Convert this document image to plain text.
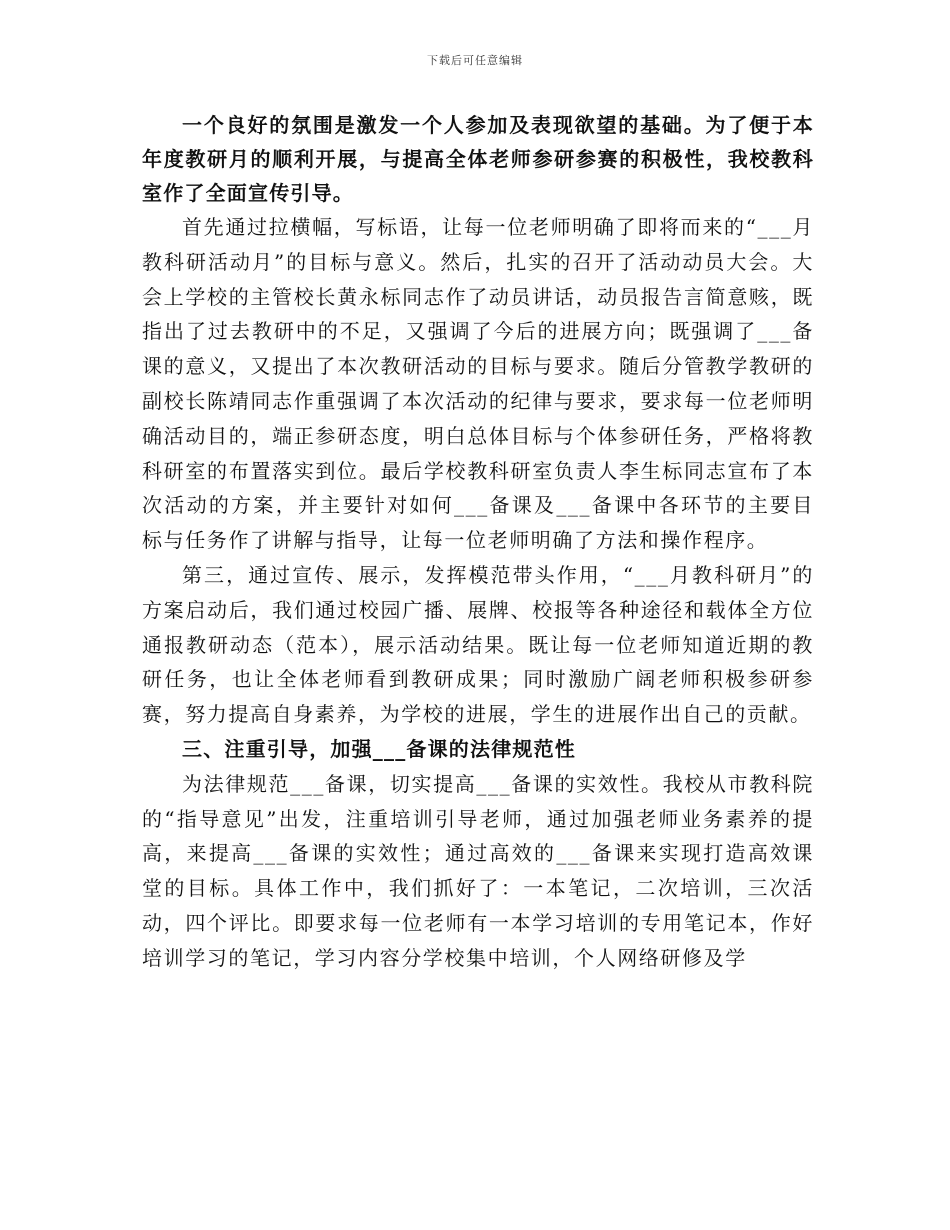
下载后可任意编辑

一个良好的氛围是激发一个人参加及表现欲望的基础。为了便于本年度教研月的顺利开展，与提高全体老师参研参赛的积极性，我校教科室作了全面宣传引导。

首先通过拉横幅，写标语，让每一位老师明确了即将而来的“___月教科研活动月”的目标与意义。然后，扎实的召开了活动动员大会。大会上学校的主管校长黄永标同志作了动员讲话，动员报告言简意赅，既指出了过去教研中的不足，又强调了今后的进展方向；既强调了___备课的意义，又提出了本次教研活动的目标与要求。随后分管教学教研的副校长陈靖同志作重强调了本次活动的纪律与要求，要求每一位老师明确活动目的，端正参研态度，明白总体目标与个体参研任务，严格将教科研室的布置落实到位。最后学校教科研室负责人李生标同志宣布了本次活动的方案，并主要针对如何___备课及___备课中各环节的主要目标与任务作了讲解与指导，让每一位老师明确了方法和操作程序。

第三，通过宣传、展示，发挥模范带头作用，“___月教科研月”的方案启动后，我们通过校园广播、展牌、校报等各种途径和载体全方位通报教研动态（范本），展示活动结果。既让每一位老师知道近期的教研任务，也让全体老师看到教研成果；同时激励广阔老师积极参研参赛，努力提高自身素养，为学校的进展，学生的进展作出自己的贡献。

三、注重引导，加强___备课的法律规范性

为法律规范___备课，切实提高___备课的实效性。我校从市教科院的“指导意见”出发，注重培训引导老师，通过加强老师业务素养的提高，来提高___备课的实效性；通过高效的___备课来实现打造高效课堂的目标。具体工作中，我们抓好了：一本笔记，二次培训，三次活动，四个评比。即要求每一位老师有一本学习培训的专用笔记本，作好培训学习的笔记，学习内容分学校集中培训，个人网络研修及学
